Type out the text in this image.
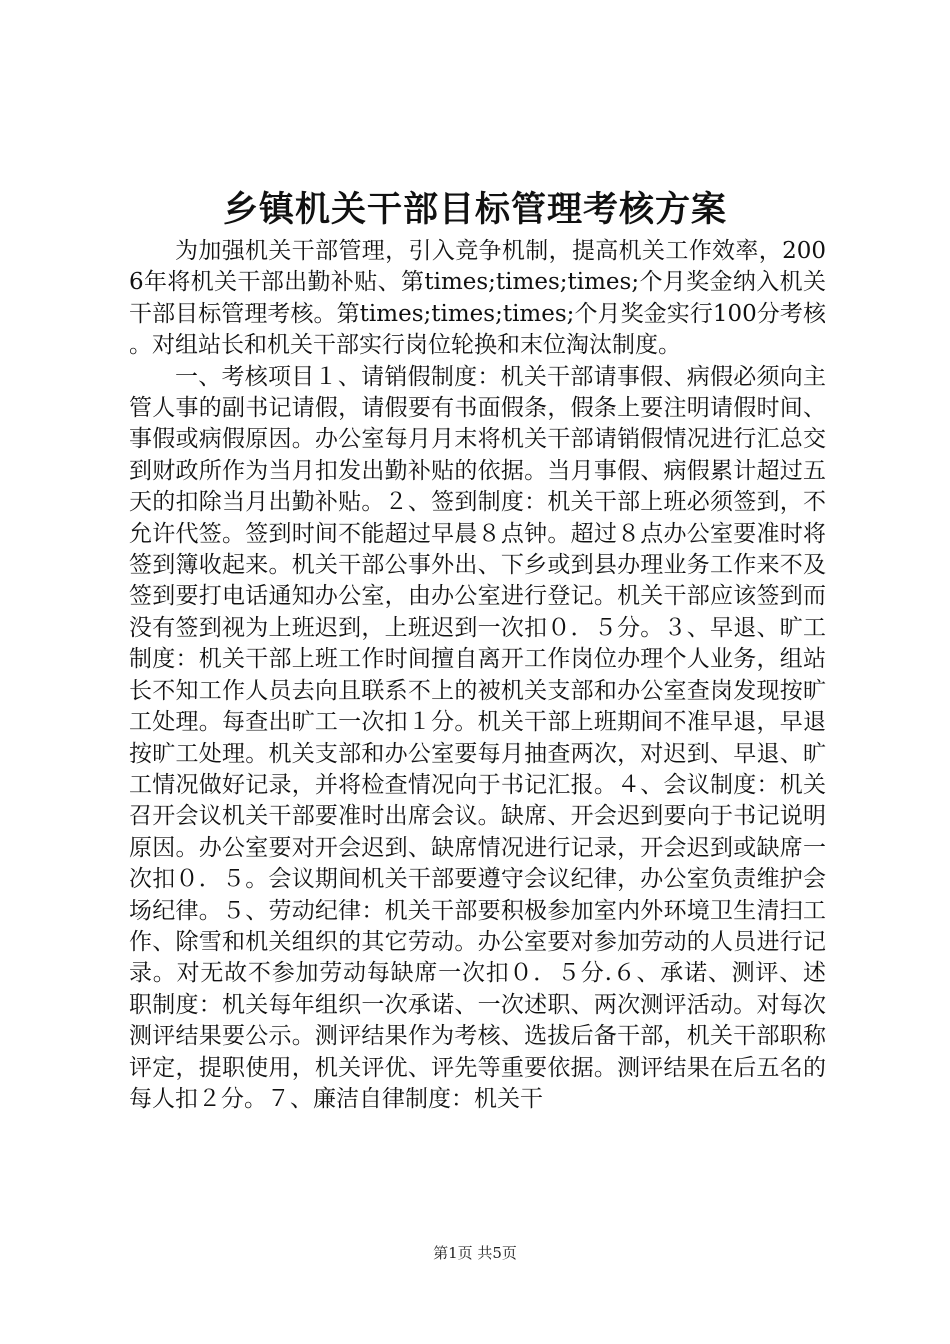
乡镇机关干部目标管理考核方案

为加强机关干部管理，引入竞争机制，提高机关工作效率，2006年将机关干部出勤补贴、第times;times;times;个月奖金纳入机关干部目标管理考核。第times;times;times;个月奖金实行100分考核。对组站长和机关干部实行岗位轮换和末位淘汰制度。

一、考核项目１、请销假制度：机关干部请事假、病假必须向主管人事的副书记请假，请假要有书面假条，假条上要注明请假时间、事假或病假原因。办公室每月月末将机关干部请销假情况进行汇总交到财政所作为当月扣发出勤补贴的依据。当月事假、病假累计超过五天的扣除当月出勤补贴。２、签到制度：机关干部上班必须签到，不允许代签。签到时间不能超过早晨８点钟。超过８点办公室要准时将签到簿收起来。机关干部公事外出、下乡或到县办理业务工作来不及签到要打电话通知办公室，由办公室进行登记。机关干部应该签到而没有签到视为上班迟到，上班迟到一次扣０．５分。３、早退、旷工制度：机关干部上班工作时间擅自离开工作岗位办理个人业务，组站长不知工作人员去向且联系不上的被机关支部和办公室查岗发现按旷工处理。每查出旷工一次扣１分。机关干部上班期间不准早退，早退按旷工处理。机关支部和办公室要每月抽查两次，对迟到、早退、旷工情况做好记录，并将检查情况向于书记汇报。４、会议制度：机关召开会议机关干部要准时出席会议。缺席、开会迟到要向于书记说明原因。办公室要对开会迟到、缺席情况进行记录，开会迟到或缺席一次扣０．５。会议期间机关干部要遵守会议纪律，办公室负责维护会场纪律。５、劳动纪律：机关干部要积极参加室内外环境卫生清扫工作、除雪和机关组织的其它劳动。办公室要对参加劳动的人员进行记录。对无故不参加劳动每缺席一次扣０．５分.６、承诺、测评、述职制度：机关每年组织一次承诺、一次述职、两次测评活动。对每次测评结果要公示。测评结果作为考核、选拔后备干部，机关干部职称评定，提职使用，机关评优、评先等重要依据。测评结果在后五名的每人扣２分。７、廉洁自律制度：机关干

第1页 共5页
